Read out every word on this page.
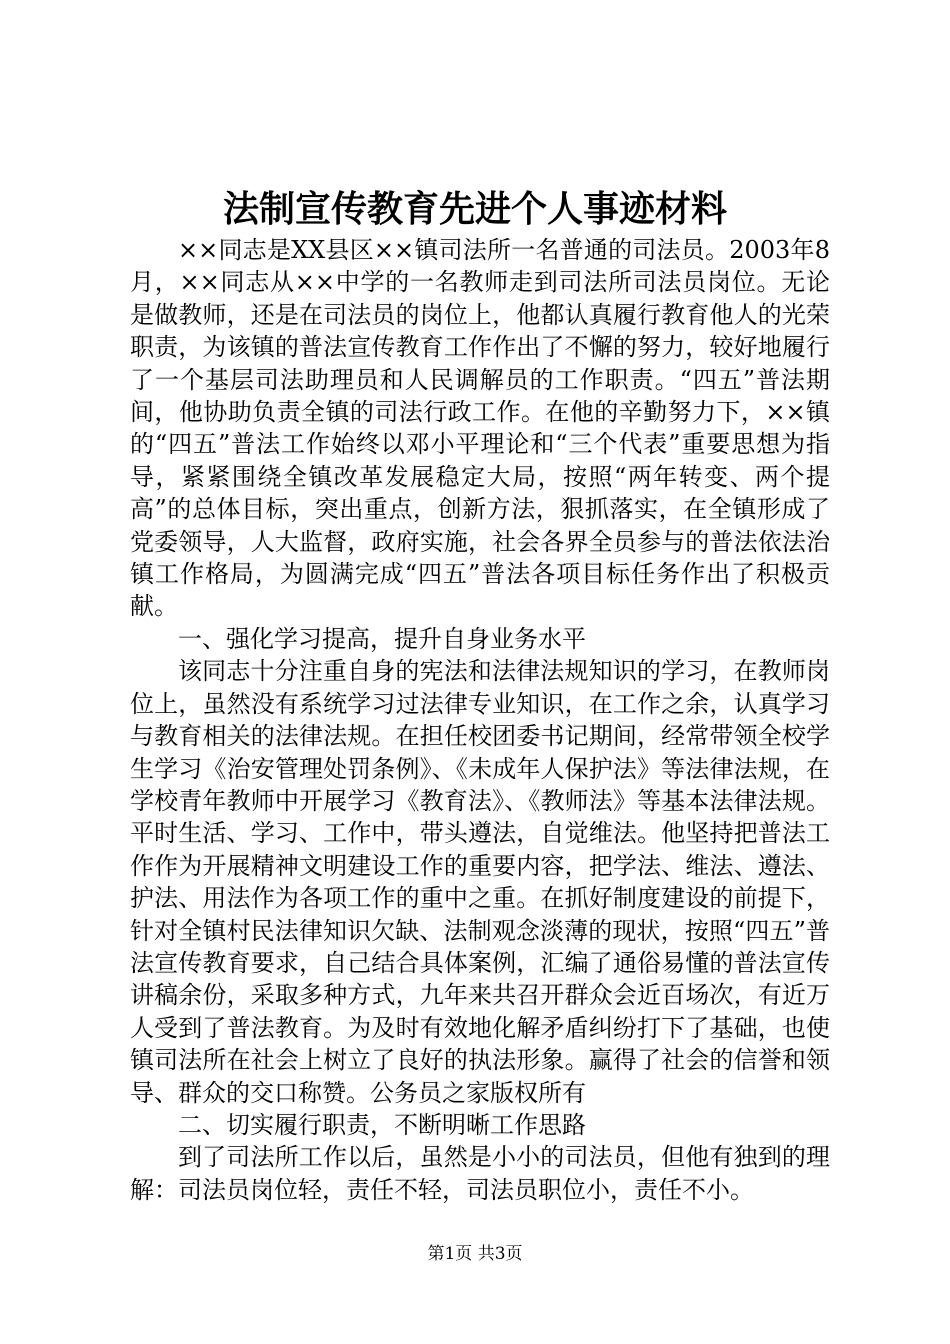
法制宣传教育先进个人事迹材料

××同志是XX县区××镇司法所一名普通的司法员。2003年8月，××同志从××中学的一名教师走到司法所司法员岗位。无论是做教师，还是在司法员的岗位上，他都认真履行教育他人的光荣职责，为该镇的普法宣传教育工作作出了不懈的努力，较好地履行了一个基层司法助理员和人民调解员的工作职责。“四五”普法期间，他协助负责全镇的司法行政工作。在他的辛勤努力下，××镇的“四五”普法工作始终以邓小平理论和“三个代表”重要思想为指导，紧紧围绕全镇改革发展稳定大局，按照“两年转变、两个提高”的总体目标，突出重点，创新方法，狠抓落实，在全镇形成了党委领导，人大监督，政府实施，社会各界全员参与的普法依法治镇工作格局，为圆满完成“四五”普法各项目标任务作出了积极贡献。

一、强化学习提高，提升自身业务水平

该同志十分注重自身的宪法和法律法规知识的学习，在教师岗位上，虽然没有系统学习过法律专业知识，在工作之余，认真学习与教育相关的法律法规。在担任校团委书记期间，经常带领全校学生学习《治安管理处罚条例》、《未成年人保护法》等法律法规，在学校青年教师中开展学习《教育法》、《教师法》等基本法律法规。平时生活、学习、工作中，带头遵法，自觉维法。他坚持把普法工作作为开展精神文明建设工作的重要内容，把学法、维法、遵法、护法、用法作为各项工作的重中之重。在抓好制度建设的前提下，针对全镇村民法律知识欠缺、法制观念淡薄的现状，按照“四五”普法宣传教育要求，自己结合具体案例，汇编了通俗易懂的普法宣传讲稿余份，采取多种方式，九年来共召开群众会近百场次，有近万人受到了普法教育。为及时有效地化解矛盾纠纷打下了基础，也使镇司法所在社会上树立了良好的执法形象。赢得了社会的信誉和领导、群众的交口称赞。公务员之家版权所有

二、切实履行职责，不断明晰工作思路

到了司法所工作以后，虽然是小小的司法员，但他有独到的理解：司法员岗位轻，责任不轻，司法员职位小，责任不小。

第1页 共3页
